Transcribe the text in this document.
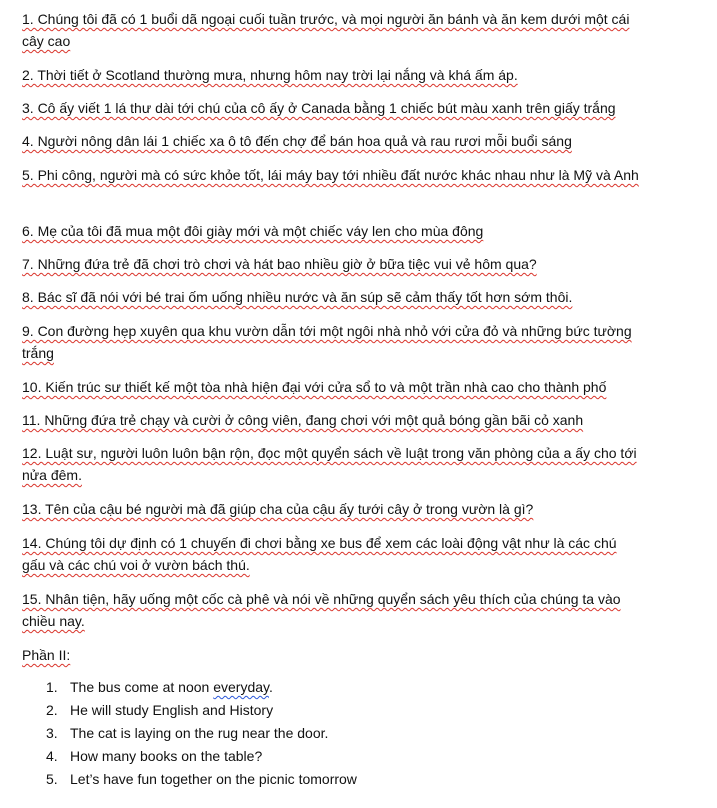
1. Chúng tôi đã có 1 buổi dã ngoại cuối tuần trước, và mọi người ăn bánh và ăn kem dưới một cái cây cao

2. Thời tiết ở Scotland thường mưa, nhưng hôm nay trời lại nắng và khá ấm áp.

3. Cô ấy viết 1 lá thư dài tới chú của cô ấy ở Canada bằng 1 chiếc bút màu xanh trên giấy trắng

4. Người nông dân lái 1 chiếc xa ô tô đến chợ để bán hoa quả và rau rươi mỗi buổi sáng

5. Phi công, người mà có sức khỏe tốt, lái máy bay tới nhiều đất nước khác nhau như là Mỹ và Anh

6. Mẹ của tôi đã mua một đôi giày mới và một chiếc váy len cho mùa đông

7. Những đứa trẻ đã chơi trò chơi và hát bao nhiều giờ ở bữa tiệc vui vẻ hôm qua?

8. Bác sĩ đã nói với bé trai ốm uống nhiều nước và ăn súp sẽ cảm thấy tốt hơn sớm thôi.

9. Con đường hẹp xuyên qua khu vườn dẫn tới một ngôi nhà nhỏ với cửa đỏ và những bức tường trắng

10. Kiến trúc sư thiết kế một tòa nhà hiện đại với cửa sổ to và một trần nhà cao cho thành phố

11. Những đứa trẻ chạy và cười ở công viên, đang chơi với một quả bóng gần bãi cỏ xanh

12. Luật sư, người luôn luôn bận rộn, đọc một quyển sách về luật trong văn phòng của a ấy cho tới nửa đêm.

13. Tên của cậu bé người mà đã giúp cha của cậu ấy tưới cây ở trong vườn là gì?

14. Chúng tôi dự định có 1 chuyến đi chơi bằng xe bus để xem các loài động vật như là các chú gấu và các chú voi ở vườn bách thú.

15. Nhân tiện, hãy uống một cốc cà phê và nói về những quyển sách yêu thích của chúng ta vào chiều nay.

Phần II:

1. The bus come at noon everyday.
2. He will study English and History
3. The cat is laying on the rug near the door.
4. How many books on the table?
5. Let’s have fun together on the picnic tomorrow
